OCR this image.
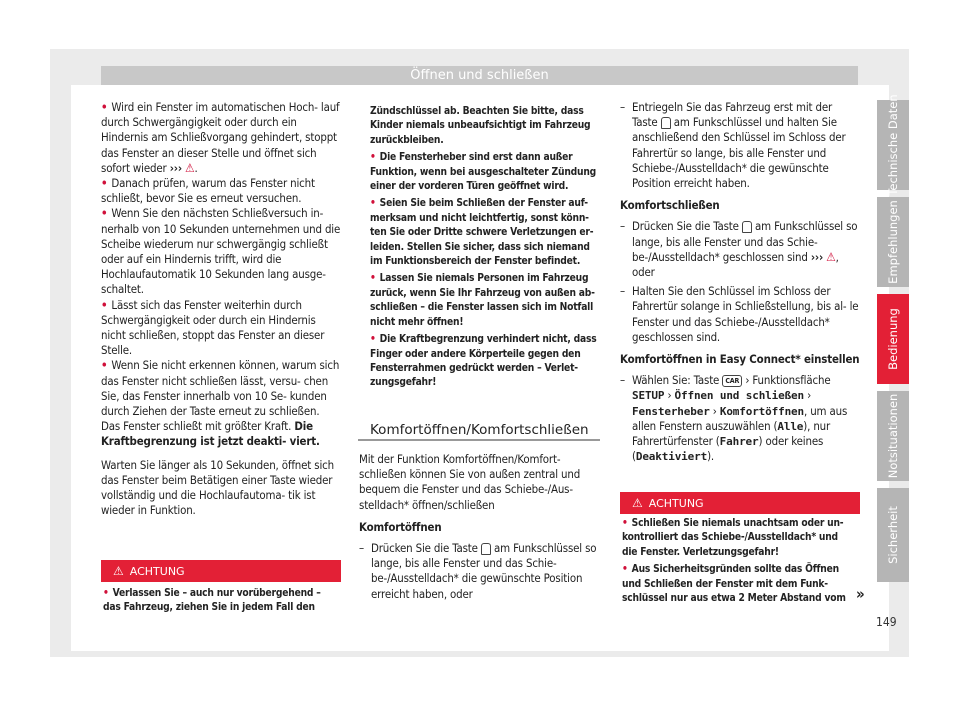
Öffnen und schließen

• Wird ein Fenster im automatischen Hoch- lauf durch Schwergängigkeit oder durch ein Hindernis am Schließvorgang gehindert, stoppt das Fenster an dieser Stelle und öffnet sich sofort wieder ››› ⚠.

• Danach prüfen, warum das Fenster nicht schließt, bevor Sie es erneut versuchen.

• Wenn Sie den nächsten Schließversuch in- nerhalb von 10 Sekunden unternehmen und die Scheibe wiederum nur schwergängig schließt oder auf ein Hindernis trifft, wird die Hochlaufautomatik 10 Sekunden lang ausge- schaltet.

• Lässt sich das Fenster weiterhin durch Schwergängigkeit oder durch ein Hindernis nicht schließen, stoppt das Fenster an dieser Stelle.

• Wenn Sie nicht erkennen können, warum sich das Fenster nicht schließen lässt, versu- chen Sie, das Fenster innerhalb von 10 Se- kunden durch Ziehen der Taste erneut zu schließen. Das Fenster schließt mit größter Kraft. Die Kraftbegrenzung ist jetzt deakti- viert.

Warten Sie länger als 10 Sekunden, öffnet sich das Fenster beim Betätigen einer Taste wieder vollständig und die Hochlaufautoma- tik ist wieder in Funktion.

⚠ ACHTUNG

• Verlassen Sie – auch nur vorübergehend – das Fahrzeug, ziehen Sie in jedem Fall den

Zündschlüssel ab. Beachten Sie bitte, dass Kinder niemals unbeaufsichtigt im Fahrzeug zurückbleiben.

• Die Fensterheber sind erst dann außer Funktion, wenn bei ausgeschalteter Zündung einer der vorderen Türen geöffnet wird.

• Seien Sie beim Schließen der Fenster auf- merksam und nicht leichtfertig, sonst könn- ten Sie oder Dritte schwere Verletzungen er- leiden. Stellen Sie sicher, dass sich niemand im Funktionsbereich der Fenster befindet.

• Lassen Sie niemals Personen im Fahrzeug zurück, wenn Sie Ihr Fahrzeug von außen ab- schließen – die Fenster lassen sich im Notfall nicht mehr öffnen!

• Die Kraftbegrenzung verhindert nicht, dass Finger oder andere Körperteile gegen den Fensterrahmen gedrückt werden – Verlet- zungsgefahr!

Komfortöffnen/Komfortschließen

Mit der Funktion Komfortöffnen/Komfort- schließen können Sie von außen zentral und bequem die Fenster und das Schiebe-/Aus- stelldach* öffnen/schließen

Komfortöffnen

– Drücken Sie die Taste am Funkschlüssel so lange, bis alle Fenster und das Schie- be-/Ausstelldach* die gewünschte Position erreicht haben, oder

– Entriegeln Sie das Fahrzeug erst mit der Taste am Funkschlüssel und halten Sie anschließend den Schlüssel im Schloss der Fahrertür so lange, bis alle Fenster und Schiebe-/Ausstelldach* die gewünschte Position erreicht haben.

Komfortschließen

– Drücken Sie die Taste am Funkschlüssel so lange, bis alle Fenster und das Schie- be-/Ausstelldach* geschlossen sind ››› ⚠, oder

– Halten Sie den Schlüssel im Schloss der Fahrertür solange in Schließstellung, bis al- le Fenster und das Schiebe-/Ausstelldach* geschlossen sind.

Komfortöffnen in Easy Connect* einstellen

– Wählen Sie: Taste CAR › Funktionsfläche SETUP › Öffnen und schließen › Fensterheber › Komfortöffnen, um aus allen Fenstern auszuwählen (Alle), nur Fahrertürfenster (Fahrer) oder keines (Deaktiviert).

⚠ ACHTUNG

• Schließen Sie niemals unachtsam oder un- kontrolliert das Schiebe-/Ausstelldach* und die Fenster. Verletzungsgefahr!

• Aus Sicherheitsgründen sollte das Öffnen und Schließen der Fenster mit dem Funk- schlüssel nur aus etwa 2 Meter Abstand vom »
Technische Daten
Empfehlungen
Bedienung
Notsituationen
Sicherheit
149
